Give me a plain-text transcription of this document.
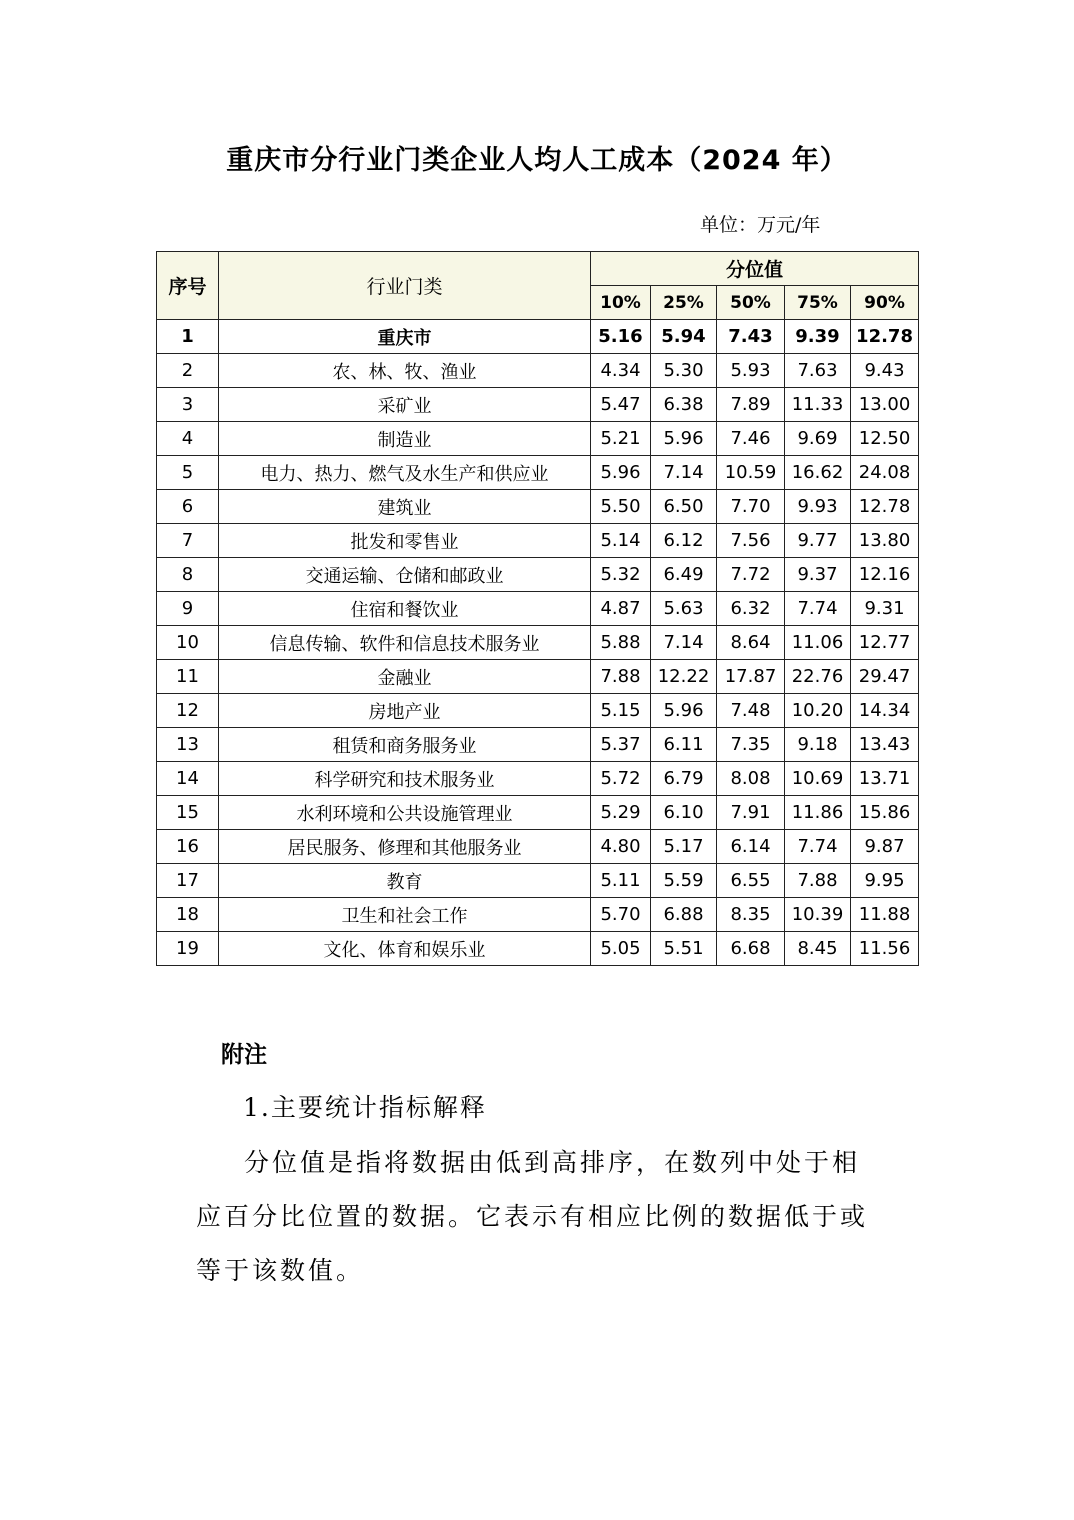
重庆市分行业门类企业人均人工成本（2024 年）
单位：万元/年
序号	行业门类	分位值				
		10%	25%	50%	75%	90%
1	重庆市	5.16	5.94	7.43	9.39	12.78
2	农、林、牧、渔业	4.34	5.30	5.93	7.63	9.43
3	采矿业	5.47	6.38	7.89	11.33	13.00
4	制造业	5.21	5.96	7.46	9.69	12.50
5	电力、热力、燃气及水生产和供应业	5.96	7.14	10.59	16.62	24.08
6	建筑业	5.50	6.50	7.70	9.93	12.78
7	批发和零售业	5.14	6.12	7.56	9.77	13.80
8	交通运输、仓储和邮政业	5.32	6.49	7.72	9.37	12.16
9	住宿和餐饮业	4.87	5.63	6.32	7.74	9.31
10	信息传输、软件和信息技术服务业	5.88	7.14	8.64	11.06	12.77
11	金融业	7.88	12.22	17.87	22.76	29.47
12	房地产业	5.15	5.96	7.48	10.20	14.34
13	租赁和商务服务业	5.37	6.11	7.35	9.18	13.43
14	科学研究和技术服务业	5.72	6.79	8.08	10.69	13.71
15	水利环境和公共设施管理业	5.29	6.10	7.91	11.86	15.86
16	居民服务、修理和其他服务业	4.80	5.17	6.14	7.74	9.87
17	教育	5.11	5.59	6.55	7.88	9.95
18	卫生和社会工作	5.70	6.88	8.35	10.39	11.88
19	文化、体育和娱乐业	5.05	5.51	6.68	8.45	11.56
附注
1.主要统计指标解释

分位值是指将数据由低到高排序，在数列中处于相应百分比位置的数据。它表示有相应比例的数据低于或等于该数值。
